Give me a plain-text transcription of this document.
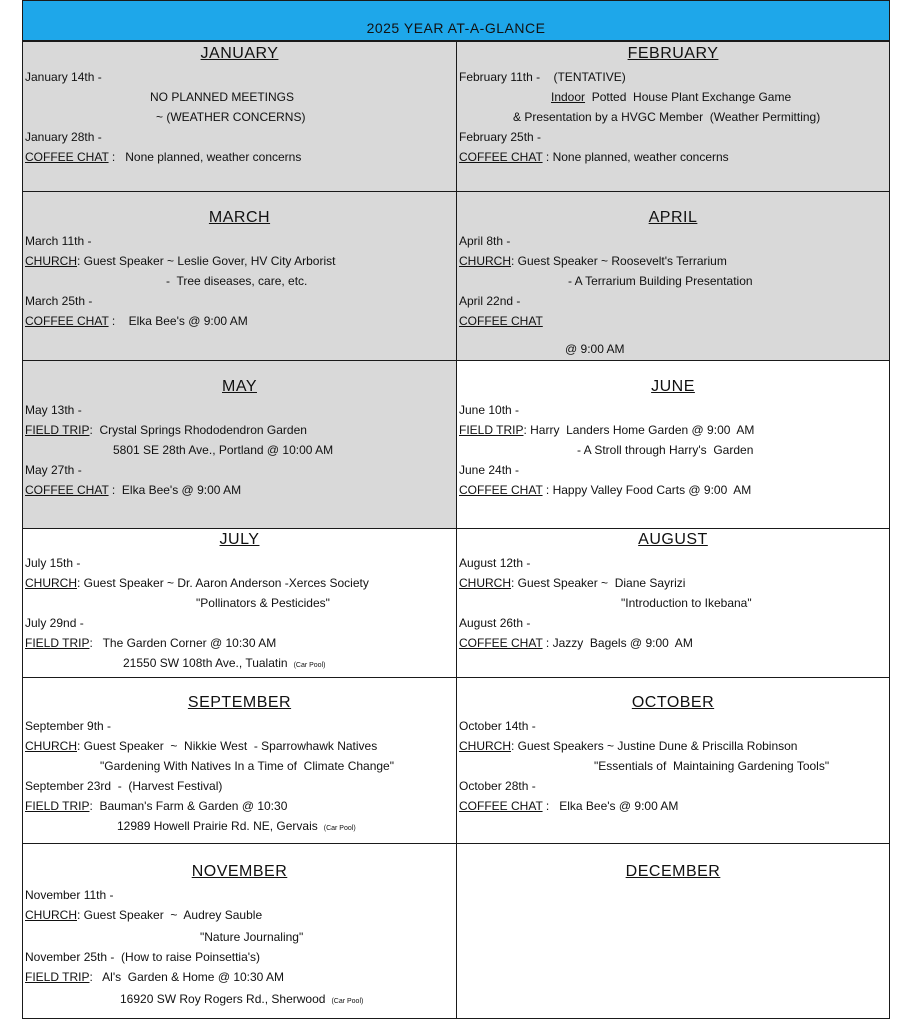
2025 YEAR AT-A-GLANCE
JANUARY
January 14th -
NO PLANNED MEETINGS
~ (WEATHER CONCERNS)
January 28th -
COFFEE CHAT :   None planned, weather concerns
FEBRUARY
February 11th -    (TENTATIVE)
Indoor  Potted  House Plant Exchange Game
& Presentation by a HVGC Member  (Weather Permitting)
February 25th -
COFFEE CHAT : None planned, weather concerns
MARCH
March 11th -
CHURCH: Guest Speaker ~ Leslie Gover, HV City Arborist
-  Tree diseases, care, etc.
March 25th -
COFFEE CHAT :    Elka Bee's @ 9:00 AM
APRIL
April 8th -
CHURCH: Guest Speaker ~ Roosevelt's Terrarium
- A Terrarium Building Presentation
April 22nd -
COFFEE CHAT
@ 9:00 AM
MAY
May 13th -
FIELD TRIP:  Crystal Springs Rhododendron Garden
5801 SE 28th Ave., Portland @ 10:00 AM
May 27th -
COFFEE CHAT :  Elka Bee's @ 9:00 AM
JUNE
June 10th -
FIELD TRIP: Harry  Landers Home Garden @ 9:00  AM
- A Stroll through Harry's  Garden
June 24th -
COFFEE CHAT : Happy Valley Food Carts @ 9:00  AM
JULY
July 15th -
CHURCH: Guest Speaker ~ Dr. Aaron Anderson -Xerces Society
"Pollinators & Pesticides"
July 29nd -
FIELD TRIP:   The Garden Corner @ 10:30 AM
21550 SW 108th Ave., Tualatin (Car Pool)
AUGUST
August 12th -
CHURCH: Guest Speaker ~  Diane Sayrizi
"Introduction to Ikebana"
August 26th -
COFFEE CHAT : Jazzy  Bagels @ 9:00  AM
SEPTEMBER
September 9th -
CHURCH: Guest Speaker  ~  Nikkie West  - Sparrowhawk Natives
"Gardening With Natives In a Time of  Climate Change"
September 23rd  -  (Harvest Festival)
FIELD TRIP:  Bauman's Farm & Garden @ 10:30
12989 Howell Prairie Rd. NE, Gervais (Car Pool)
OCTOBER
October 14th -
CHURCH: Guest Speakers ~ Justine Dune & Priscilla Robinson
"Essentials of  Maintaining Gardening Tools"
October 28th -
COFFEE CHAT :   Elka Bee's @ 9:00 AM
NOVEMBER
November 11th -
CHURCH: Guest Speaker  ~  Audrey Sauble
"Nature Journaling"
November 25th -  (How to raise Poinsettia's)
FIELD TRIP:   Al's  Garden & Home @ 10:30 AM
16920 SW Roy Rogers Rd., Sherwood (Car Pool)
DECEMBER
